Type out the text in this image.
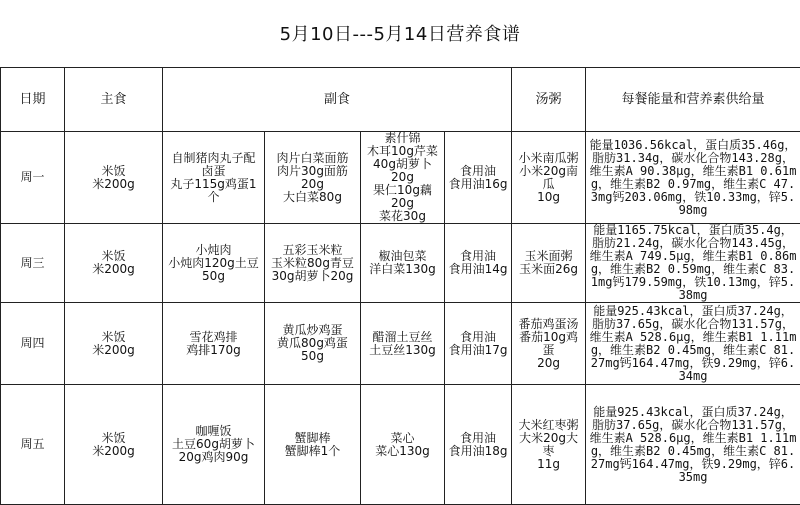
5月10日---5月14日营养食谱
日期	主食	副食				汤粥	每餐能量和营养素供给量
周一	米饭
米200g	自制猪肉丸子配
卤蛋
丸子115g鸡蛋1个	肉片白菜面筋
肉片30g面筋20g
大白菜80g	素什锦
木耳10g芹菜
40g胡萝卜20g
果仁10g藕20g
菜花30g	食用油
食用油16g	小米南瓜粥
小米20g南瓜
10g	能量1036.56kcal，蛋白质35.46g，脂肪31.34g，碳水化合物143.28g，维生素A 90.38μg，维生素B1 0.61mg，维生素B2 0.97mg，维生素C 47.3mg钙203.06mg，铁10.33mg，锌5.98mg
周三	米饭
米200g	小炖肉
小炖肉120g土豆
50g	五彩玉米粒
玉米粒80g青豆
30g胡萝卜20g	椒油包菜
洋白菜130g	食用油
食用油14g	玉米面粥
玉米面26g	能量1165.75kcal，蛋白质35.4g，脂肪21.24g，碳水化合物143.45g，维生素A 749.5μg，维生素B1 0.86mg，维生素B2 0.59mg，维生素C 83.1mg钙179.59mg，铁10.13mg，锌5.38mg
周四	米饭
米200g	雪花鸡排
鸡排170g	黄瓜炒鸡蛋
黄瓜80g鸡蛋50g	醋溜土豆丝
土豆丝130g	食用油
食用油17g	番茄鸡蛋汤
番茄10g鸡蛋
20g	能量925.43kcal，蛋白质37.24g，脂肪37.65g，碳水化合物131.57g，维生素A 528.6μg，维生素B1 1.11mg，维生素B2 0.45mg，维生素C 81.27mg钙164.47mg，铁9.29mg，锌6.34mg
周五	米饭
米200g	咖喱饭
土豆60g胡萝卜
20g鸡肉90g	蟹脚棒
蟹脚棒1个	菜心
菜心130g	食用油
食用油18g	大米红枣粥
大米20g大枣
11g	能量925.43kcal，蛋白质37.24g，脂肪37.65g，碳水化合物131.57g，维生素A 528.6μg，维生素B1 1.11mg，维生素B2 0.45mg，维生素C 81.27mg钙164.47mg，铁9.29mg，锌6.35mg
